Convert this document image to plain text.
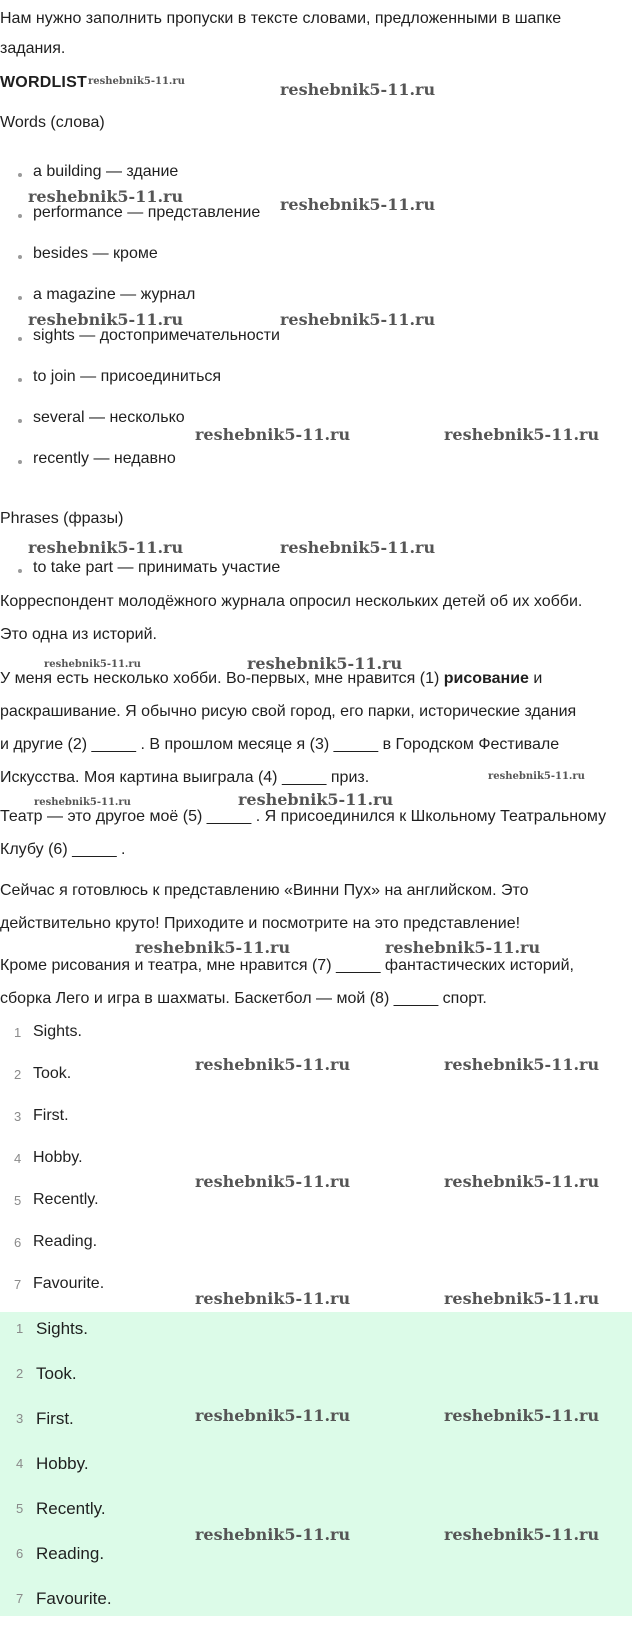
Нам нужно заполнить пропуски в тексте словами, предложенными в шапке
задания.
WORDLIST reshebnik5-11.ru	reshebnik5-11.ru
Words (слова)
a building — здание
reshebnik5-11.ru
performance — представление reshebnik5-11.ru
besides — кроме
a magazine — журнал
reshebnik5-11.ru	reshebnik5-11.ru
sights — достопримечательности
to join — присоединиться
several — несколько
reshebnik5-11.ru	reshebnik5-11.ru
recently — недавно
Phrases (фразы)
reshebnik5-11.ru	reshebnik5-11.ru
to take part — принимать участие
Корреспондент молодёжного журнала опросил нескольких детей об их хобби.
Это одна из историй.
reshebnik5-11.ru	reshebnik5-11.ru
У меня есть несколько хобби. Во-первых, мне нравится (1) рисование и
раскрашивание. Я обычно рисую свой город, его парки, исторические здания
и другие (2) _____ . В прошлом месяце я (3) _____ в Городском Фестивале
Искусства. Моя картина выиграла (4) _____ приз.	reshebnik5-11.ru
reshebnik5-11.ru	reshebnik5-11.ru
Театр — это другое моё (5) _____ . Я присоединился к Школьному Театральному
Клубу (6) _____ .
Сейчас я готовлюсь к представлению «Винни Пух» на английском. Это
действительно круто! Приходите и посмотрите на это представление!
reshebnik5-11.ru	reshebnik5-11.ru
Кроме рисования и театра, мне нравится (7) _____ фантастических историй,
сборка Лего и игра в шахматы. Баскетбол — мой (8) _____ спорт.
1 Sights.
2 Took.	reshebnik5-11.ru	reshebnik5-11.ru
3 First.
4 Hobby.
reshebnik5-11.ru	reshebnik5-11.ru
5 Recently.
6 Reading.
7 Favourite.
reshebnik5-11.ru	reshebnik5-11.ru
1 Sights.
2 Took.
3 First.	reshebnik5-11.ru	reshebnik5-11.ru
4 Hobby.
5 Recently.
reshebnik5-11.ru	reshebnik5-11.ru
6 Reading.
7 Favourite.
